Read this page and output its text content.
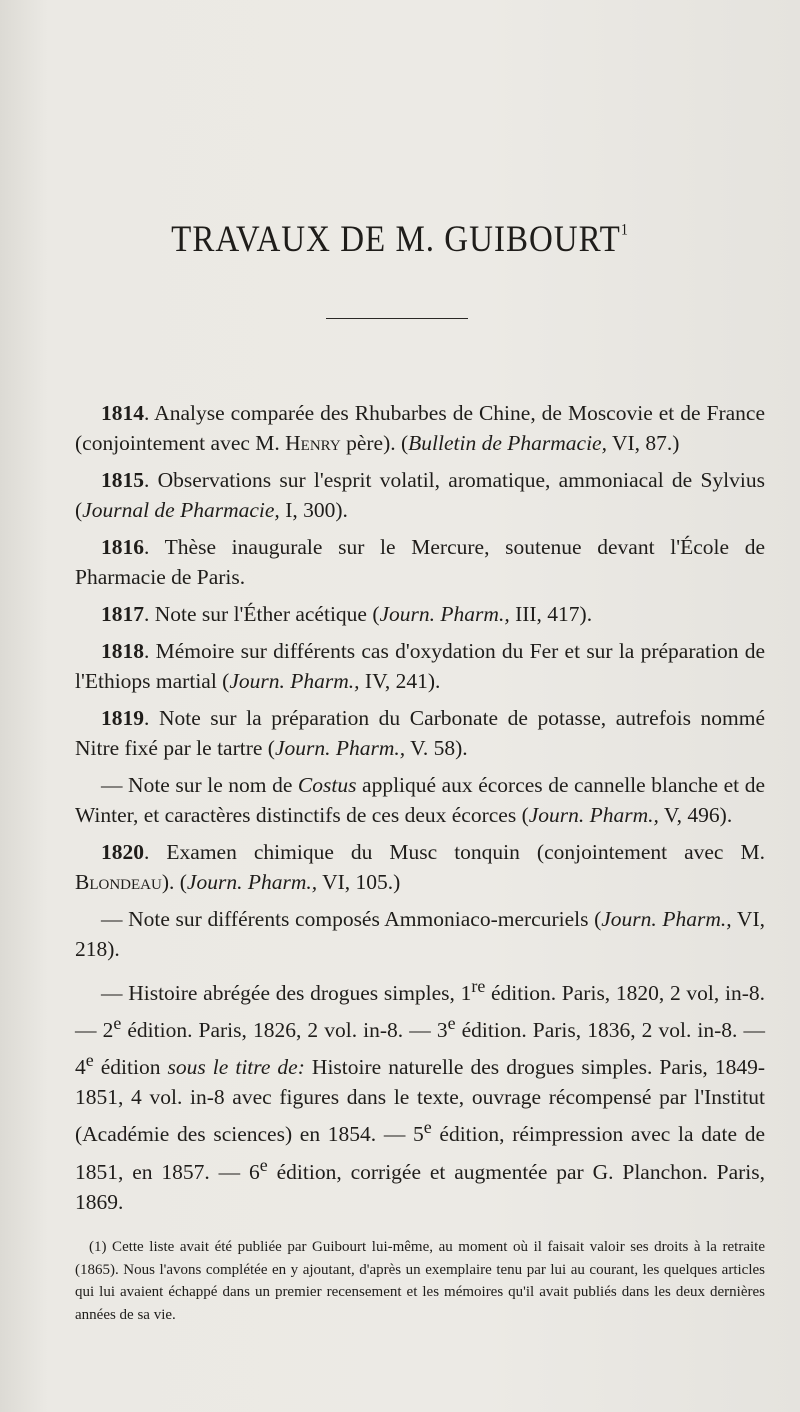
TRAVAUX DE M. GUIBOURT$^1$

1814. Analyse comparée des Rhubarbes de Chine, de Moscovie et de France (conjointement avec M. Henry père). (Bulletin de Pharmacie, VI, 87.)

1815. Observations sur l'esprit volatil, aromatique, ammoniacal de Sylvius (Journal de Pharmacie, I, 300).

1816. Thèse inaugurale sur le Mercure, soutenue devant l'École de Pharmacie de Paris.

1817. Note sur l'Éther acétique (Journ. Pharm., III, 417).

1818. Mémoire sur différents cas d'oxydation du Fer et sur la préparation de l'Ethiops martial (Journ. Pharm., IV, 241).

1819. Note sur la préparation du Carbonate de potasse, autrefois nommé Nitre fixé par le tartre (Journ. Pharm., V. 58).

— Note sur le nom de Costus appliqué aux écorces de cannelle blanche et de Winter, et caractères distinctifs de ces deux écorces (Journ. Pharm., V, 496).

1820. Examen chimique du Musc tonquin (conjointement avec M. Blondeau). (Journ. Pharm., VI, 105.)

— Note sur différents composés Ammoniaco-mercuriels (Journ. Pharm., VI, 218).

— Histoire abrégée des drogues simples, 1re édition. Paris, 1820, 2 vol, in-8. — 2e édition. Paris, 1826, 2 vol. in-8. — 3e édition. Paris, 1836, 2 vol. in-8. — 4e édition sous le titre de: Histoire naturelle des drogues simples. Paris, 1849-1851, 4 vol. in-8 avec figures dans le texte, ouvrage récompensé par l'Institut (Académie des sciences) en 1854. — 5e édition, réimpression avec la date de 1851, en 1857. — 6e édition, corrigée et augmentée par G. Planchon. Paris, 1869.

(1) Cette liste avait été publiée par Guibourt lui-même, au moment où il faisait valoir ses droits à la retraite (1865). Nous l'avons complétée en y ajoutant, d'après un exemplaire tenu par lui au courant, les quelques articles qui lui avaient échappé dans un premier recensement et les mémoires qu'il avait publiés dans les deux dernières années de sa vie.
